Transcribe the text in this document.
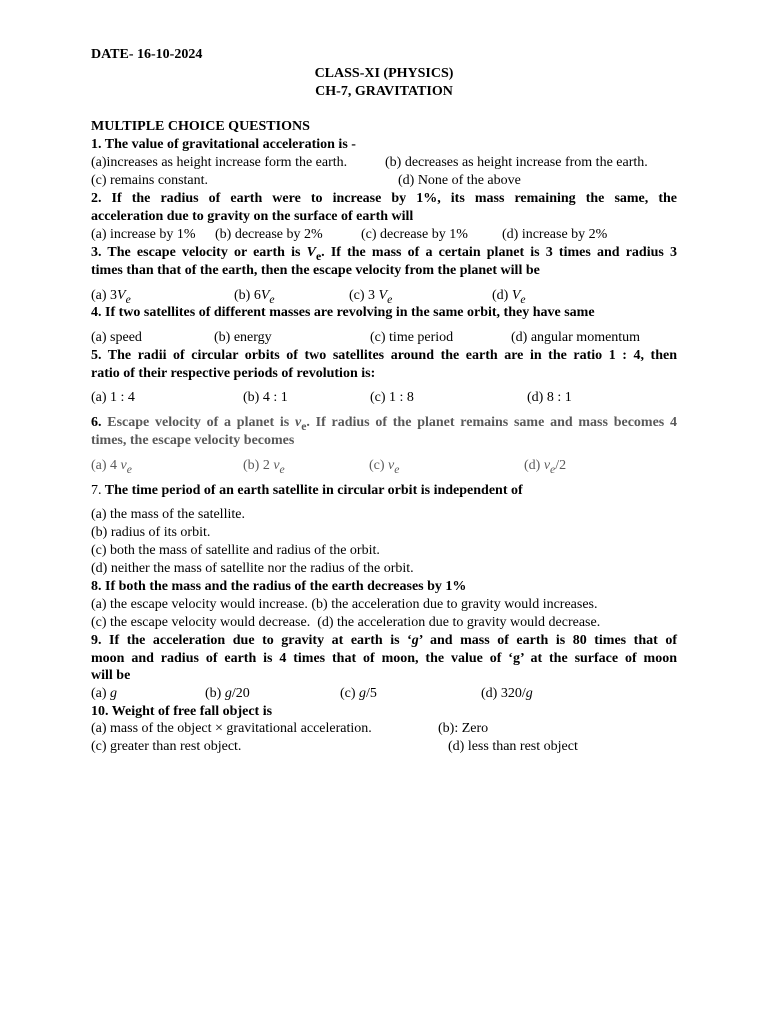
DATE- 16-10-2024
CLASS-XI (PHYSICS)
CH-7, GRAVITATION
MULTIPLE CHOICE QUESTIONS
1. The value of gravitational acceleration is -
(a)increases as height increase form the earth.	(b) decreases as height increase from the earth.
(c) remains constant.	(d) None of the above
2. If the radius of earth were to increase by 1%, its mass remaining the same, the
acceleration due to gravity on the surface of earth will
(a) increase by 1% (b) decrease by 2%	(c) decrease by 1% (d) increase by 2%
3. The escape velocity or earth is $V_e$. If the mass of a certain planet is 3 times and radius 3
times than that of the earth, then the escape velocity from the planet will be
(a) $3V_e$	(b) $6V_e$	(c) 3 $V_e$	(d) $V_e$
4. If two satellites of different masses are revolving in the same orbit, they have same
(a) speed	(b) energy	(c) time period	(d) angular momentum
5. The radii of circular orbits of two satellites around the earth are in the ratio 1 : 4, then
ratio of their respective periods of revolution is:
(a) 1 : 4	(b) 4 : 1	(c) 1 : 8	(d) 8 : 1
6. Escape velocity of a planet is $v_e$. If radius of the planet remains same and mass becomes 4
times, the escape velocity becomes
(a) 4 $v_e$	(b) 2 $v_e$	(c) $v_e$	(d) $v_e/2$
7. The time period of an earth satellite in circular orbit is independent of
(a) the mass of the satellite.
(b) radius of its orbit.
(c) both the mass of satellite and radius of the orbit.
(d) neither the mass of satellite nor the radius of the orbit.
8. If both the mass and the radius of the earth decreases by 1%
(a) the escape velocity would increase. (b) the acceleration due to gravity would increases.
(c) the escape velocity would decrease.  (d) the acceleration due to gravity would decrease.
9. If the acceleration due to gravity at earth is ‘g’ and mass of earth is 80 times that of
moon and radius of earth is 4 times that of moon, the value of ‘g’ at the surface of moon
will be
(a) g	(b) g/20	(c) g/5	(d) 320/g
10. Weight of free fall object is
(a) mass of the object × gravitational acceleration.	(b): Zero
(c) greater than rest object.	(d) less than rest object
